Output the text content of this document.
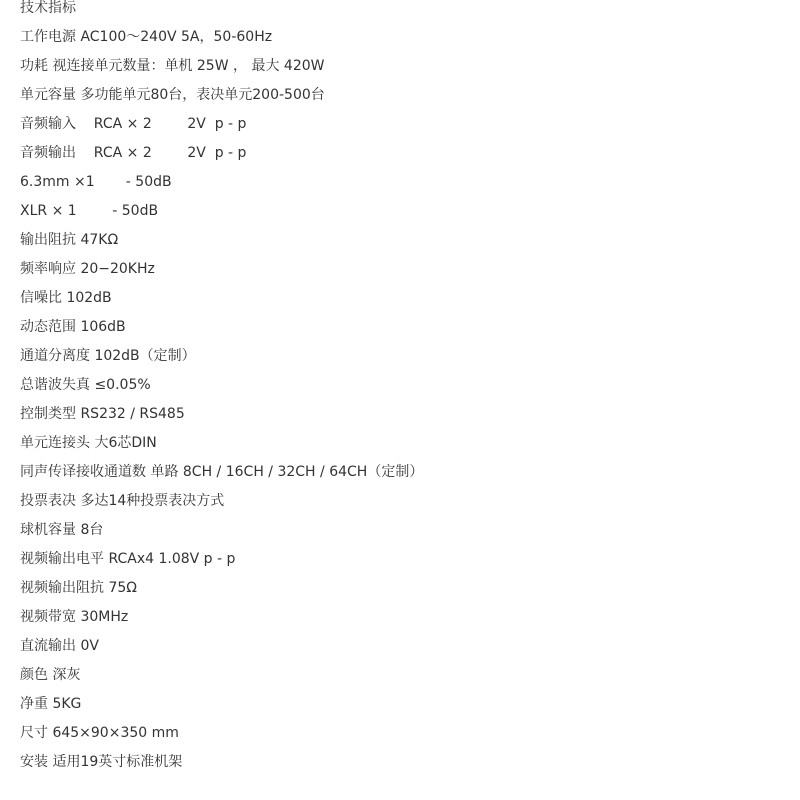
技术指标
工作电源 AC100～240V 5A，50-60Hz
功耗 视连接单元数量：单机 25W ， 最大 420W
单元容量 多功能单元80台，表决单元200-500台
音频输入    RCA × 2        2V  p - p
音频输出    RCA × 2        2V  p - p
6.3mm ×1       - 50dB
XLR × 1        - 50dB
输出阻抗 47KΩ
频率响应 20−20KHz
信噪比 102dB
动态范围 106dB
通道分离度 102dB（定制）
总谐波失真 ≤0.05%
控制类型 RS232 / RS485
单元连接头 大6芯DIN
同声传译接收通道数 单路 8CH / 16CH / 32CH / 64CH（定制）
投票表决 多达14种投票表决方式
球机容量 8台
视频输出电平 RCAx4 1.08V p - p
视频输出阻抗 75Ω
视频带宽 30MHz
直流输出 0V
颜色 深灰
净重 5KG
尺寸 645×90×350 mm
安装 适用19英寸标准机架
